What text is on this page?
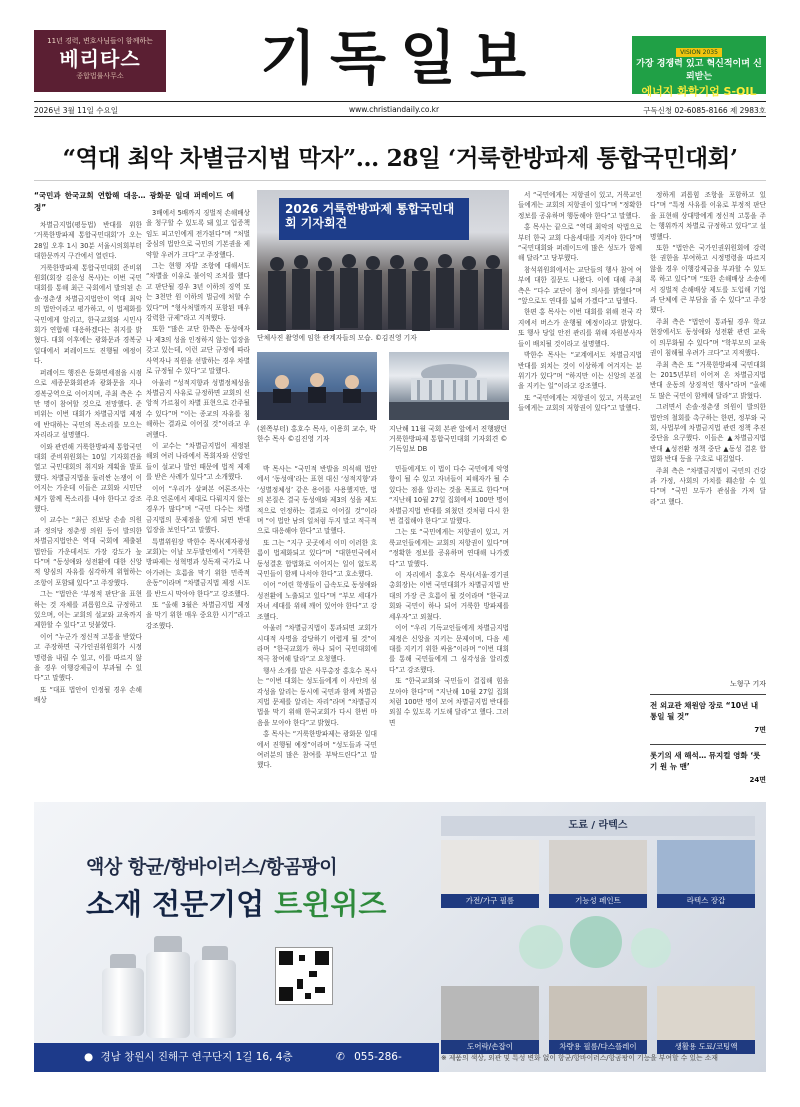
11년 경력, 변호사님들이 함께하는
베리타스
종합법률사무소	기독일보	VISION 2035
가장 경쟁력 있고 혁신적이며 신뢰받는
에너지 화학기업 S-OIL
2026년 3월 11일 수요일	www.christiandaily.co.kr	구독신청 02-6085-8166 제 2983호
“역대 최악 차별금지법 막자”… 28일 ‘거룩한방파제 통합국민대회’
“국민과 한국교회 연합해 대응… 광화문 일대 퍼레이드 예정”

차별금지법(평등법) 반대를 위한 ‘거룩한방파제 통합국민대회’가 오는 28일 오후 1시 30분 서울시의회부터 대한문까지 구간에서 열린다.

거룩한방파제 통합국민대회 준비위원회(회장 김운성 목사)는 이번 국민대회를 통해 최근 국회에서 발의된 손솔·정춘생 차별금지법안이 역대 최악의 법안이라고 평가하고, 이 법제화를 국민에게 알리고, 한국교회와 시민사회가 연합해 대응하겠다는 취지를 밝혔다. 대회 이후에는 광화문과 경복궁 일대에서 퍼레이드도 진행될 예정이다.

퍼레이드 행진은 동화면세점을 시점으로 세종문화회관과 광화문을 지나 경복궁역으로 이어지며, 주최 측은 수만 명이 참여할 것으로 전망했다. 준비위는 이번 대회가 차별금지법 제정에 반대하는 국민의 목소리를 모으는 자리라고 설명했다.

이와 관련해 거룩한방파제 통합국민대회 준비위원회는 10일 기자회견을 열고 국민대회의 취지와 계획을 발표했다. 차별금지법을 둘러싼 논쟁이 이어지는 가운데 이들은 교회와 시민단체가 함께 목소리를 내야 한다고 강조했다.

이 교수는 “최근 진보당 손솔 의원과 정의당 정춘생 의원 등이 발의한 차별금지법안은 역대 국회에 제출된 법안들 가운데서도 가장 강도가 높다”며 “동성애와 성전환에 대한 신앙적 양심의 자유를 심각하게 위협하는 조항이 포함돼 있다”고 주장했다.

그는 “법안은 ‘부정적 판단’을 표현하는 것 자체를 괴롭힘으로 규정하고 있으며, 이는 교회의 설교와 교육까지 제한할 수 있다”고 덧붙였다.

이어 “누군가 정신적 고통을 받았다고 주장하면 국가인권위원회가 시정명령을 내릴 수 있고, 이를 따르지 않을 경우 이행강제금이 부과될 수 있다”고 말했다.

또 “대표 법안이 인정될 경우 손해배상

3배에서 5배까지 징벌적 손해배상을 청구할 수 있도록 돼 있고 입증책임도 피고인에게 전가된다”며 “처벌 중심의 법안으로 국민의 기본권을 제약할 우려가 크다”고 주장했다.

그는 현행 자발 조항에 대해서도 “차별을 이유로 불이익 조치를 했다고 판단될 경우 3년 이하의 징역 또는 3천만 원 이하의 벌금에 처할 수 있다”며 “형사처벌까지 포함된 매우 강력한 규제”라고 지적했다.

또한 “많은 교단 한쪽은 동성애자나 제3의 성을 인정하지 않는 입장을 갖고 있는데, 이런 교단 규정에 따라 사역자나 직원을 선발하는 경우 차별로 규정될 수 있다”고 말했다.

아울러 “성적지향과 성별정체성을 차별금지 사유로 규정하면 교회의 신앙적 가르침이 차별 표현으로 간주될 수 있다”며 “이는 종교의 자유를 침해하는 결과로 이어질 것”이라고 우려했다.

이 교수는 “차별금지법이 제정된 해외 여러 나라에서 목회자와 신앙인들이 설교나 발언 때문에 법적 제재를 받은 사례가 있다”고 소개했다.

이어 “우리가 살펴본 여론조사는 주요 언론에서 제대로 다뤄지지 않는 경우가 많다”며 “국민 다수는 차별금지법의 문제점을 알게 되면 반대 입장을 보인다”고 말했다.

특별위원장 박한수 목사(제자광성교회)는 이날 모두발언에서 “거룩한방파제는 성혁명과 성독재 국가로 나아가려는 흐름을 막기 위한 민족적 운동”이라며 “차별금지법 제정 시도를 반드시 막아야 한다”고 강조했다.

또 “올해 3월은 차별금지법 제정을 막기 위한 매우 중요한 시기”라고 강조했다.

2026 거룩한방파제 통합국민대회 기자회견
단체사진 촬영에 임한 관계자들의 모습. ©김진영 기자
(왼쪽부터) 홍호수 목사, 이용희 교수, 박한수 목사 ©김진영 기자
지난해 11월 국회 본관 앞에서 진행됐던 거룩한방파제 통합국민대회 기자회견 ©기독일보 DB

박 목사는 “국민적 반발을 의식해 법안에서 ‘동성애’라는 표현 대신 ‘성적지향’과 ‘성별정체성’ 같은 용어를 사용했지만, 법의 본질은 결국 동성애와 제3의 성을 제도적으로 인정하는 결과로 이어질 것”이라며 “이 법안 남의 일처럼 두지 말고 적극적으로 대응해야 한다”고 말했다.

또 그는 “지구 곳곳에서 이미 이러한 흐름이 법제화되고 있다”며 “대한민국에서 동성결혼 합법화로 이어지는 일이 없도록 국민들이 함께 나서야 한다”고 호소했다.

이어 “어린 학생들이 급속도로 동성애와 성전환에 노출되고 있다”며 “부모 세대가 자녀 세대를 위해 깨어 있어야 한다”고 강조했다.

아울러 “차별금지법이 통과되면 교회가 시대적 사명을 감당하기 어렵게 될 것”이라며 “한국교회가 하나 되어 국민대회에 적극 참여해 달라”고 요청했다.

행사 소개를 맡은 사무총장 홍호수 목사는 “이번 대회는 성도들에게 이 사안의 심각성을 알리는 동시에 국민과 함께 차별금지법 문제를 알리는 자리”라며 “차별금지법을 막기 위해 한국교회가 다시 한번 마음을 모아야 한다”고 밝혔다.

홍 목사는 “거룩한방파제는 광화문 일대에서 진행될 예정”이라며 “성도들과 국민 여러분의 많은 참여를 부탁드린다”고 말했다.

민들에게도 이 법이 다수 국민에게 악영향이 될 수 있고 자녀들이 피해자가 될 수 있다는 점을 알리는 것을 목표로 한다”며 “지난해 10월 27일 집회에서 100만 명이 차별금지법 반대를 외쳤던 것처럼 다시 한 번 결집해야 한다”고 말했다.

그는 또 “국민에게는 저항권이 있고, 거룩교인들에게는 교회의 저항권이 있다”며 “정확한 정보를 공유하며 연대해 나가겠다”고 말했다.

이 자리에서 홍호수 목사(서울·경기권 총회장)는 이번 국민대회가 차별금지법 반대의 가장 큰 흐름이 될 것이라며 “한국교회와 국민이 하나 되어 거룩한 방파제를 세우자”고 외쳤다.

이어 “우리 기독교인들에게 차별금지법 제정은 신앙을 지키는 문제이며, 다음 세대를 지키기 위한 싸움”이라며 “이번 대회를 통해 국민들에게 그 심각성을 알리겠다”고 강조했다.

또 “한국교회와 국민들이 결집해 힘을 모아야 한다”며 “지난해 10월 27일 집회처럼 100만 명이 모여 차별금지법 반대를 외칠 수 있도록 기도해 달라”고 했다. 그러면

서 “국민에게는 저항권이 있고, 거룩교인들에게는 교회의 저항권이 있다”며 “정확한 정보를 공유하며 행동해야 한다”고 말했다.

홍 목사는 끝으로 “역대 최악의 악법으로부터 한국 교회 다음세대를 지켜야 한다”며 “국민대회와 퍼레이드에 많은 성도가 함께해 달라”고 당부했다.

참석위원회에서는 교단들의 행사 참여 여부에 대한 질문도 나왔다. 이에 대해 주최 측은 “다수 교단이 참여 의사를 밝혔다”며 “앞으로도 연대를 넓혀 가겠다”고 답했다.

한편 홍 목사는 이번 대회를 위해 전국 각지에서 버스가 운행될 예정이라고 밝혔다. 또 행사 당일 안전 관리를 위해 자원봉사자들이 배치될 것이라고 설명했다.

박한수 목사는 “교계에서도 차별금지법 반대를 외치는 것이 이상하게 여겨지는 분위기가 있다”며 “하지만 이는 신앙의 본질을 지키는 일”이라고 강조했다.

또 “국민에게는 저항권이 있고, 거룩교인들에게는 교회의 저항권이 있다”고 말했다.

정하게 괴롭힘 조항을 포함하고 있다”며 “특정 사유를 이유로 부정적 판단을 표현해 상대방에게 정신적 고통을 주는 행위까지 차별로 규정하고 있다”고 설명했다.

또한 “법안은 국가인권위원회에 강력한 권한을 부여하고 시정명령을 따르지 않을 경우 이행강제금을 부과할 수 있도록 하고 있다”며 “또한 손해배상 소송에서 징벌적 손해배상 제도를 도입해 기업과 단체에 큰 부담을 줄 수 있다”고 주장했다.

주최 측은 “법안이 통과될 경우 학교 현장에서도 동성애와 성전환 관련 교육이 의무화될 수 있다”며 “학부모의 교육권이 침해될 우려가 크다”고 지적했다.

주최 측은 또 “거룩한방파제 국민대회는 2015년부터 이어져 온 차별금지법 반대 운동의 상징적인 행사”라며 “올해도 많은 국민이 함께해 달라”고 밝혔다.

그러면서 손솔·정춘생 의원이 발의한 법안의 철회를 촉구하는 한편, 정부와 국회, 사법부에 차별금지법 관련 정책 추진 중단을 요구했다. 이들은 ▲차별금지법 반대 ▲성전환 정책 중단 ▲동성 결혼 합법화 반대 등을 구호로 내걸었다.

주최 측은 “차별금지법이 국민의 건강과 가정, 사회의 가치를 훼손할 수 있다”며 “국민 모두가 관심을 가져 달라”고 했다.

노형구 기자
전 외교관 채원암 장로 “10년 내 통일 될 것”
7면
롯기의 새 해석… 뮤지컬 영화 ‘룻기 원 뉴 맨’
24면
액상 항균/항바이러스/항곰팡이
소재 전문기업 트윈위즈
● 경남 창원시 진해구 연구단지 1길 16, 4층	✆ 055-286-9004
도료 / 라텍스
가전/가구 필름	기능성 페인트	라텍스 장갑
도어락/손잡이	차량용 필름/다스플레이	생활용 도료/코팅액
※ 제품의 색상, 외관 및 특성 변화 없이 항균/항바이러스/항곰팡이 기능을 부여할 수 있는 소재
